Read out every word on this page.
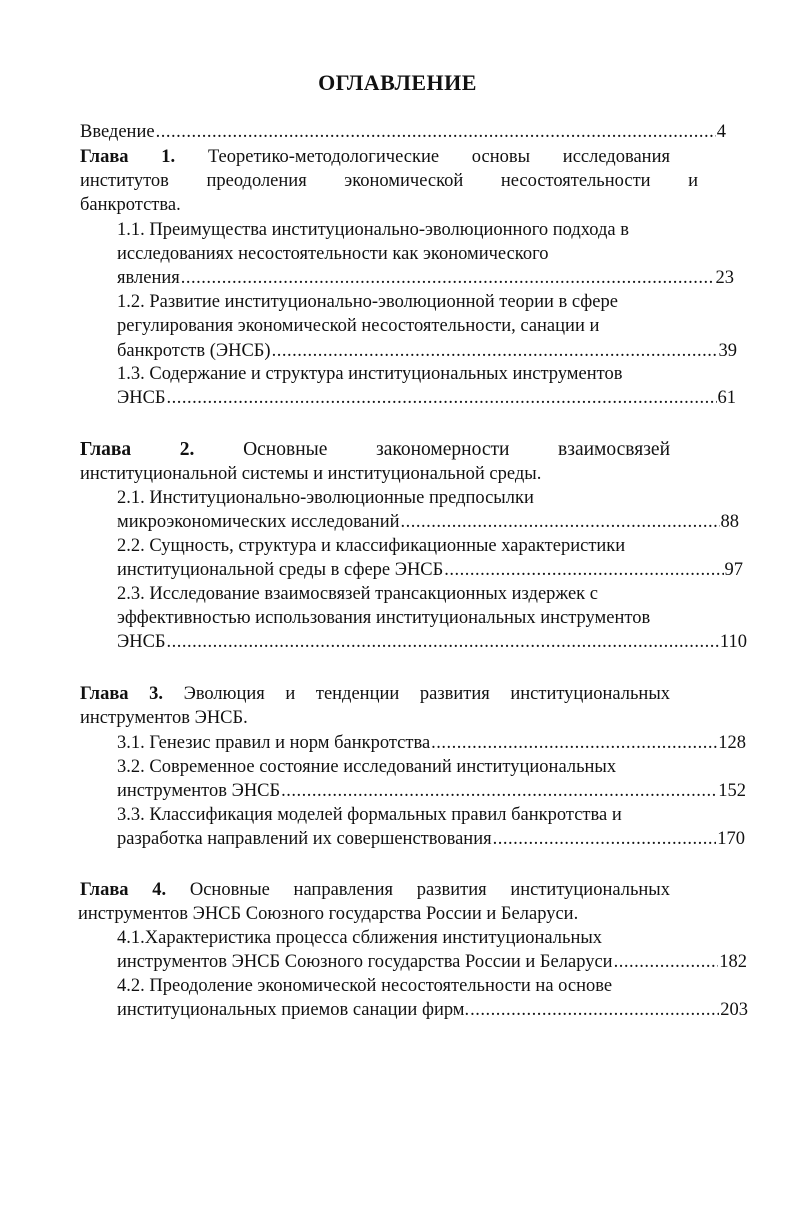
ОГЛАВЛЕНИЕ
Введение .....	4
Глава 1. Теоретико-методологические основы исследования
институтов преодоления экономической несостоятельности и
банкротства.
1.1. Преимущества институционально-эволюционного подхода в
исследованиях несостоятельности как экономического
явления .....	23
1.2. Развитие институционально-эволюционной теории в сфере
регулирования экономической несостоятельности, санации и
банкротств (ЭНСБ) .....	39
1.3. Содержание и структура институциональных инструментов
ЭНСБ .....	61
Глава 2. Основные закономерности взаимосвязей
институциональной системы и институциональной среды.
2.1. Институционально-эволюционные предпосылки
микроэкономических исследований .....	88
2.2. Сущность, структура и классификационные характеристики
институциональной среды в сфере ЭНСБ .....	97
2.3. Исследование взаимосвязей трансакционных издержек с
эффективностью использования институциональных инструментов
ЭНСБ .....	110
Глава 3. Эволюция и тенденции развития институциональных
инструментов ЭНСБ.
3.1. Генезис правил и норм банкротства .....	128
3.2. Современное состояние исследований институциональных
инструментов ЭНСБ .....	152
3.3. Классификация моделей формальных правил банкротства и
разработка направлений их совершенствования .....	170
Глава 4. Основные направления развития институциональных
инструментов ЭНСБ Союзного государства России и Беларуси.
4.1.Характеристика процесса сближения институциональных
инструментов ЭНСБ Союзного государства России и Беларуси .....	182
4.2. Преодоление экономической несостоятельности на основе
институциональных приемов санации фирм. .....	203
